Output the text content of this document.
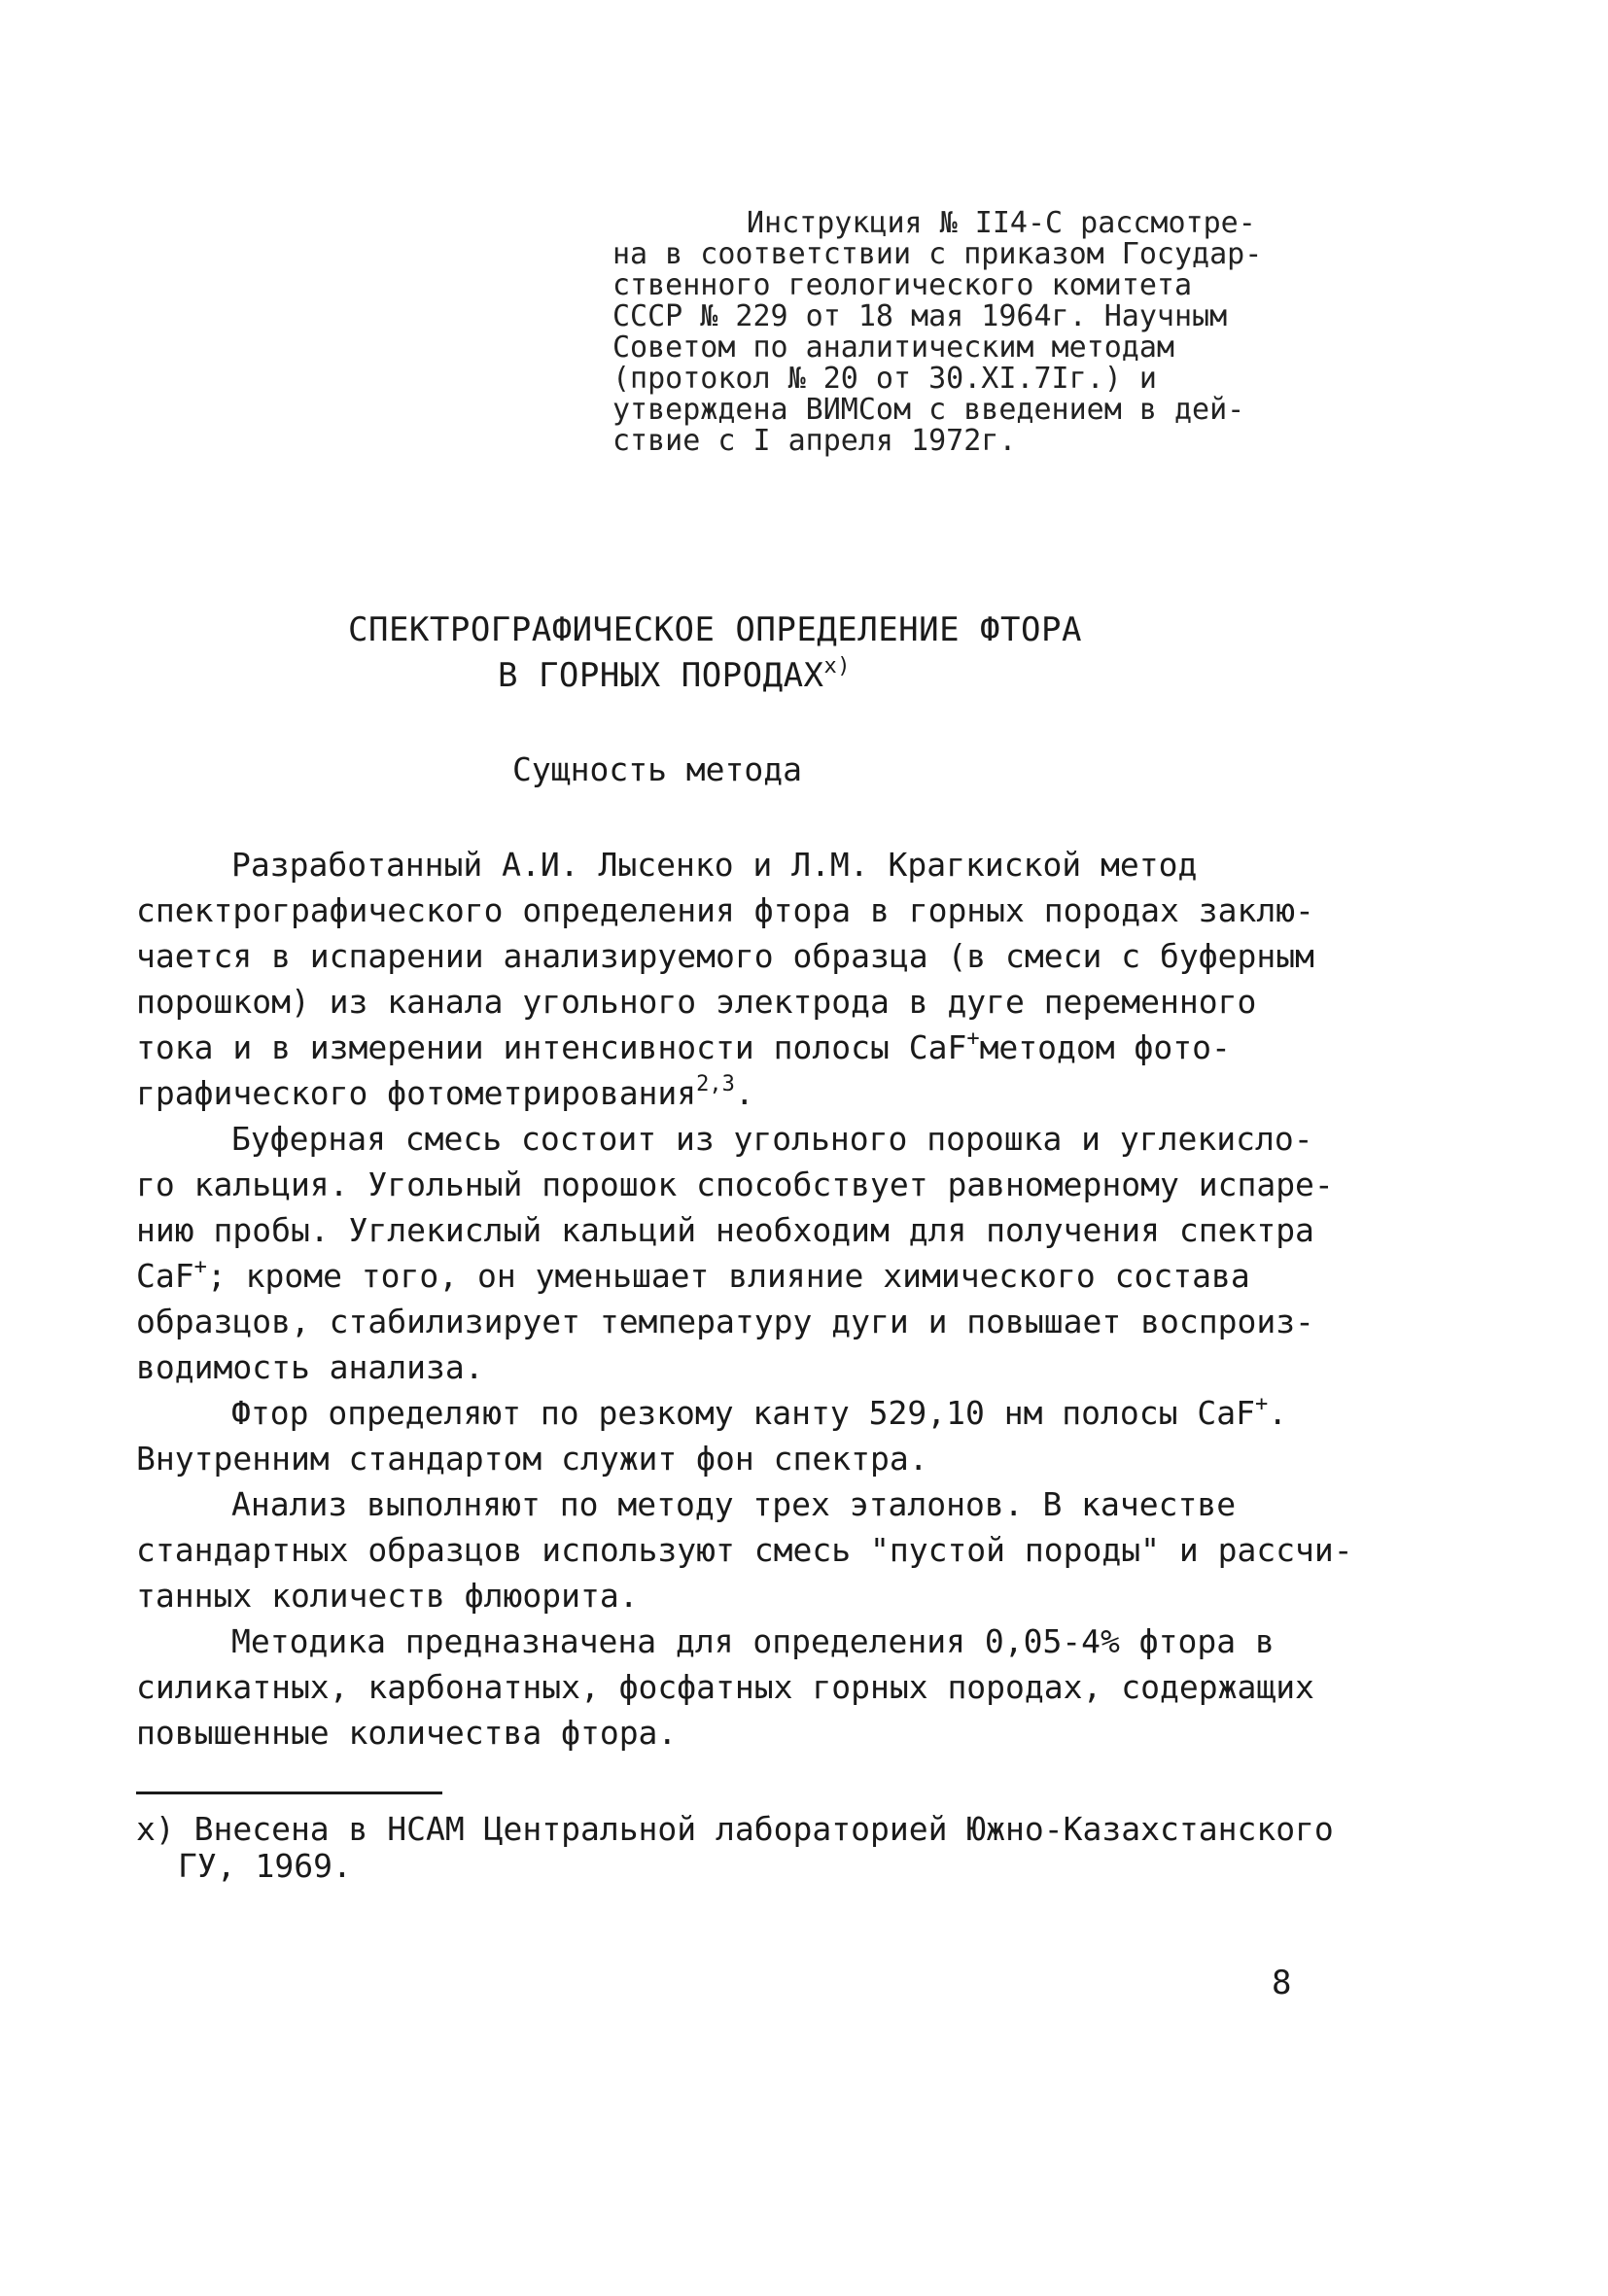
Инструкция № II4-С рассмотре-
на в соответствии с приказом Государ-
ственного геологического комитета
СССР № 229 от 18 мая 1964г. Научным
Советом по аналитическим методам
(протокол № 20 от 30.XI.7Iг.) и
утверждена ВИМСом с введением в дей-
ствие с I апреля 1972г.
СПЕКТРОГРАФИЧЕСКОЕ ОПРЕДЕЛЕНИЕ ФТОРА
В ГОРНЫХ $ПОРОДАХ^{х)}$
Сущность метода
Разработанный А.И. Лысенко и Л.М. Крагкиской метод
спектрографического определения фтора в горных породах заклю-
чается в испарении анализируемого образца (в смеси с буферным
порошком) из канала угольного электрода в дуге переменного
тока и в измерении интенсивности полосы CaF+методом фото-
графического фотометрирования$^{2,3}$.
Буферная смесь состоит из угольного порошка и углекисло-
го кальция. Угольный порошок способствует равномерному испаре-
нию пробы. Углекислый кальций необходим для получения спектра
CaF+; кроме того, он уменьшает влияние химического состава
образцов, стабилизирует температуру дуги и повышает воспроиз-
водимость анализа.
Фтор определяют по резкому канту 529,10 нм полосы CaF+.
Внутренним стандартом служит фон спектра.
Анализ выполняют по методу трех эталонов. В качестве
стандартных образцов используют смесь "пустой породы" и рассчи-
танных количеств флюорита.
Методика предназначена для определения 0,05-4% фтора в
силикатных, карбонатных, фосфатных горных породах, содержащих
повышенные количества фтора.
х) Внесена в НСАМ Центральной лабораторией Южно-Казахстанского
ГУ, 1969.
8
